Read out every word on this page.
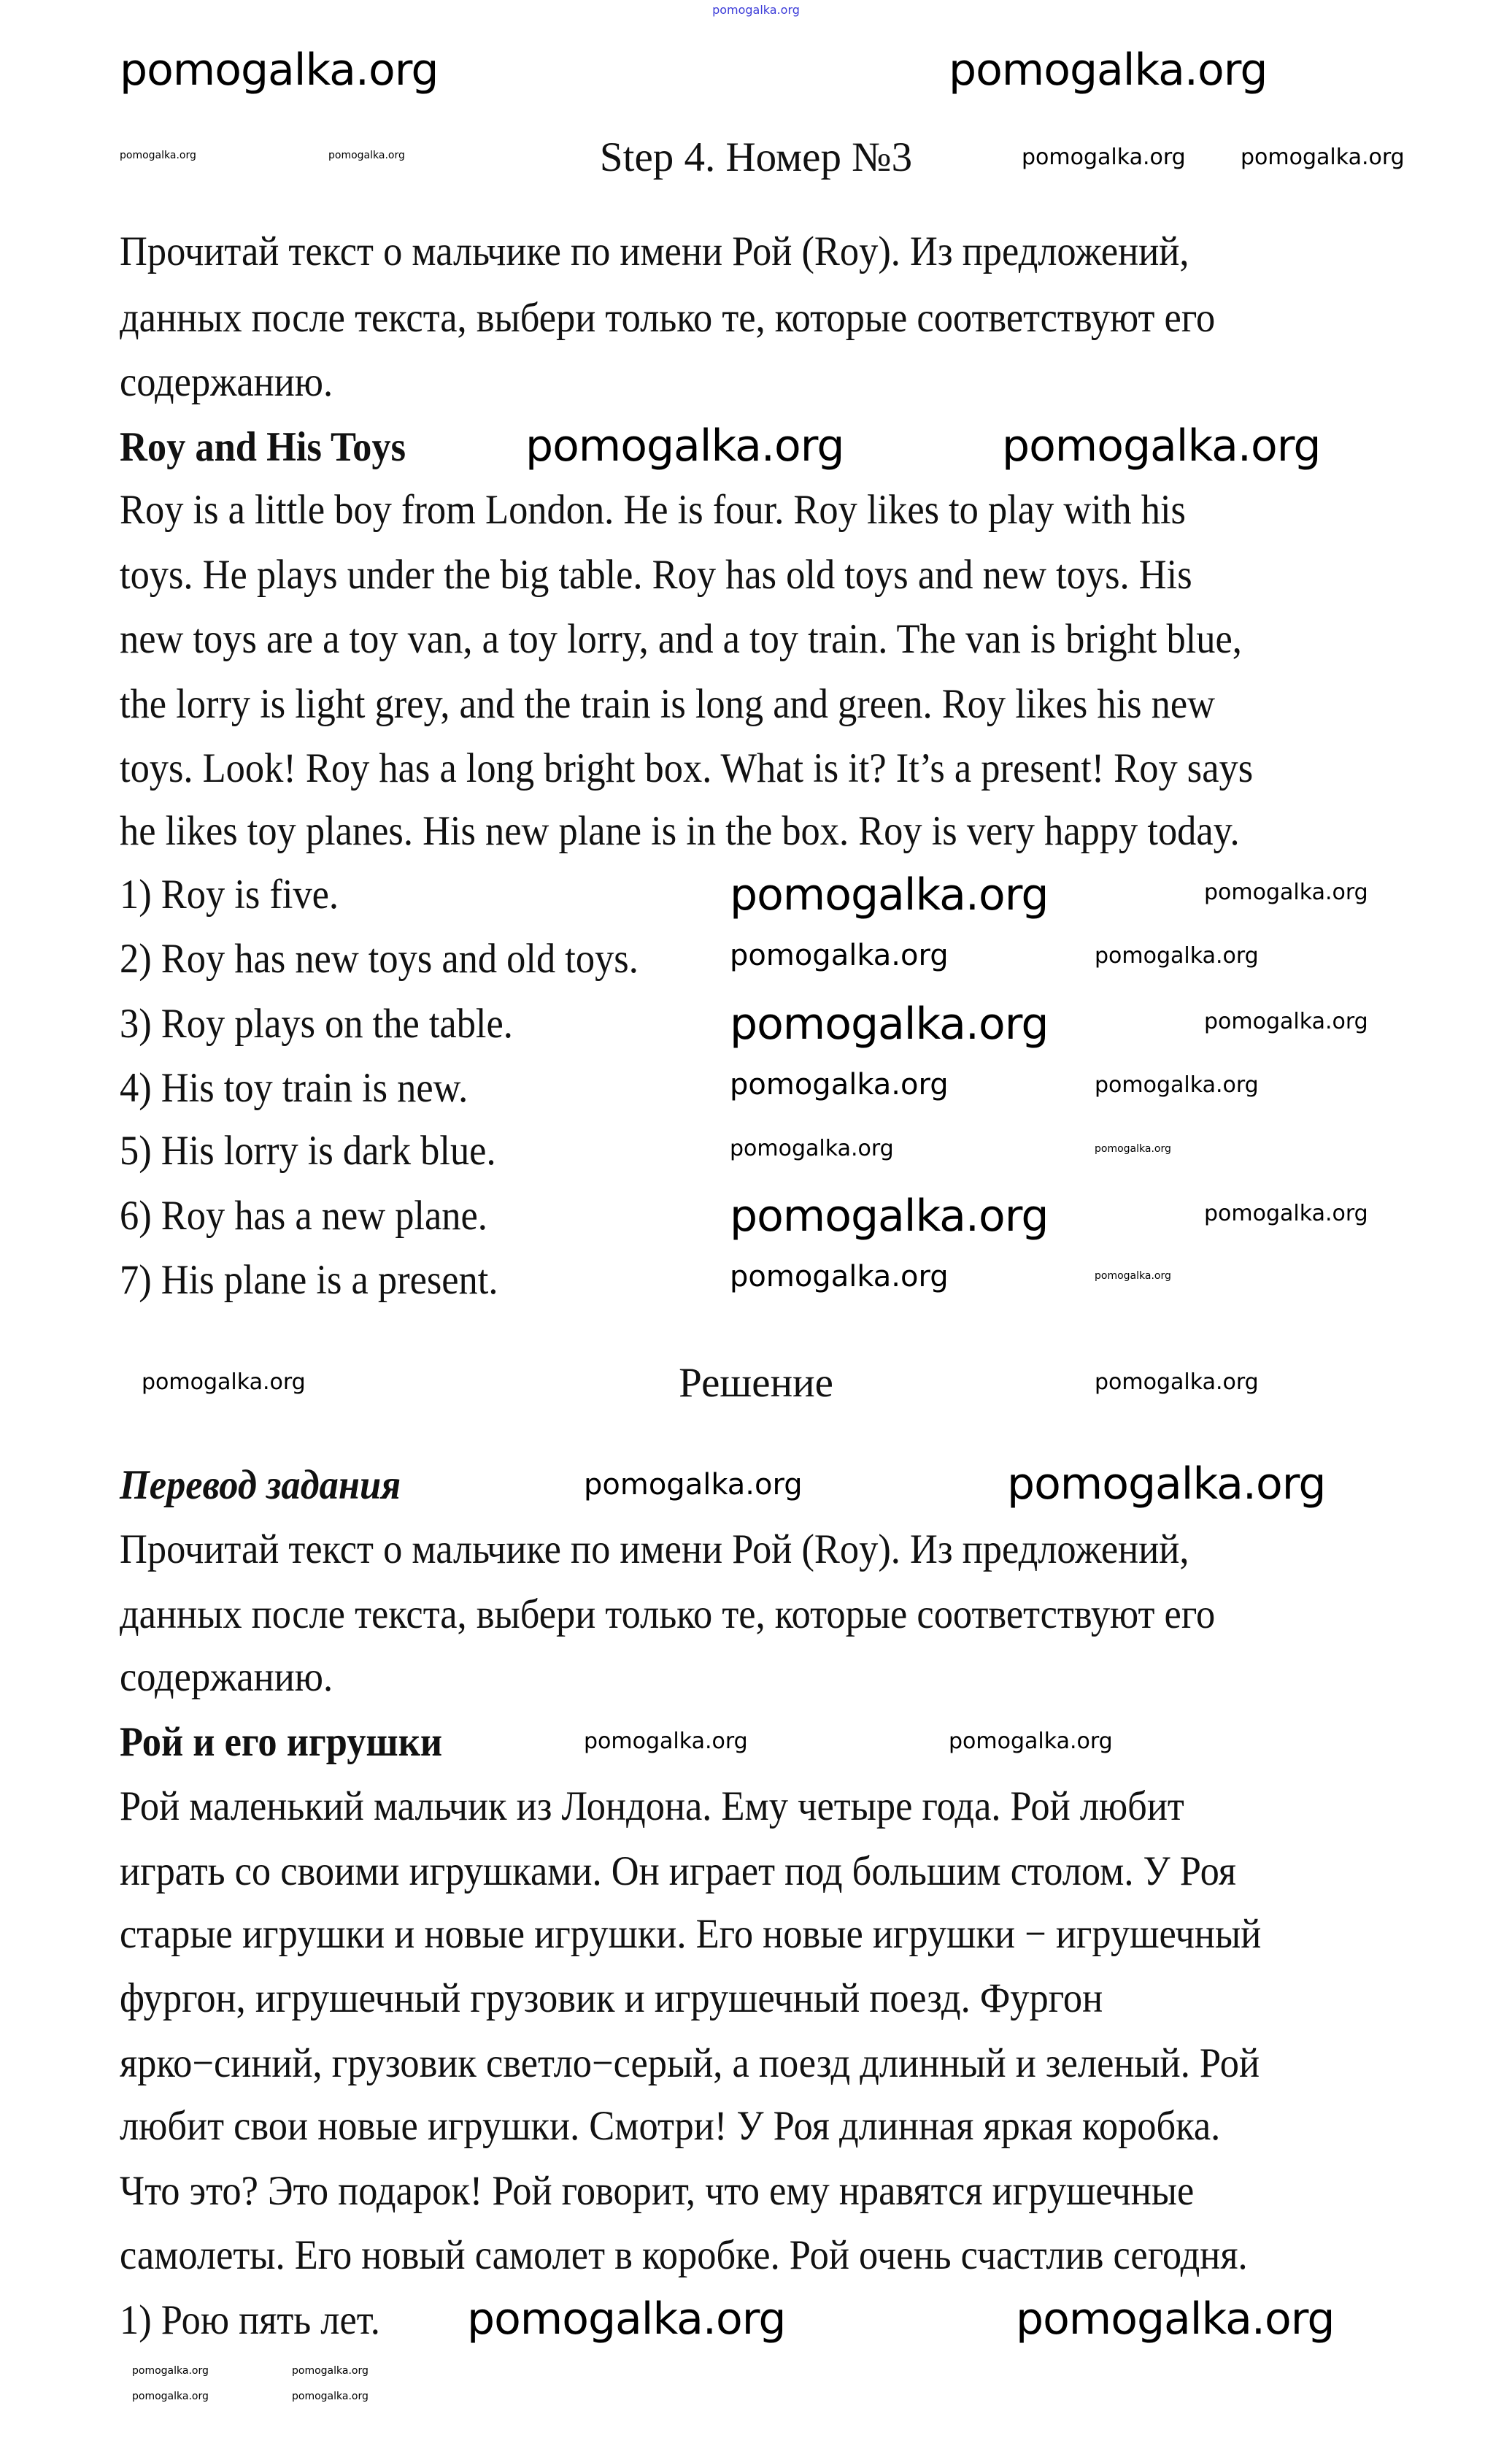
pomogalka.org
pomogalka.org	pomogalka.org
pomogalka.org	pomogalka.org	pomogalka.org	pomogalka.org
pomogalka.org	pomogalka.org
pomogalka.org	pomogalka.org
pomogalka.org	pomogalka.org
pomogalka.org	pomogalka.org
pomogalka.org	pomogalka.org
pomogalka.org	pomogalka.org
pomogalka.org	pomogalka.org
pomogalka.org	pomogalka.org
pomogalka.org	pomogalka.org
pomogalka.org	pomogalka.org
pomogalka.org	pomogalka.org
pomogalka.org	pomogalka.org
pomogalka.org
pomogalka.org
pomogalka.org
pomogalka.org
Step 4. Номер №3
Прочитай текст о мальчике по имени Рой (Roy). Из предложений,
данных после текста, выбери только те, которые соответствуют его
содержанию.
Roy and His Toys
Roy is a little boy from London. He is four. Roy likes to play with his
toys. He plays under the big table. Roy has old toys and new toys. His
new toys are a toy van, a toy lorry, and a toy train. The van is bright blue,
the lorry is light grey, and the train is long and green. Roy likes his new
toys. Look! Roy has a long bright box. What is it? It’s a present! Roy says
he likes toy planes. His new plane is in the box. Roy is very happy today.
1) Roy is five.
2) Roy has new toys and old toys.
3) Roy plays on the table.
4) His toy train is new.
5) His lorry is dark blue.
6) Roy has a new plane.
7) His plane is a present.
Решение
Перевод задания
Прочитай текст о мальчике по имени Рой (Roy). Из предложений,
данных после текста, выбери только те, которые соответствуют его
содержанию.
Рой и его игрушки
Рой маленький мальчик из Лондона. Ему четыре года. Рой любит
играть со своими игрушками. Он играет под большим столом. У Роя
старые игрушки и новые игрушки. Его новые игрушки − игрушечный
фургон, игрушечный грузовик и игрушечный поезд. Фургон
ярко−синий, грузовик светло−серый, а поезд длинный и зеленый. Рой
любит свои новые игрушки. Смотри! У Роя длинная яркая коробка.
Что это? Это подарок! Рой говорит, что ему нравятся игрушечные
самолеты. Его новый самолет в коробке. Рой очень счастлив сегодня.
1) Рою пять лет.
